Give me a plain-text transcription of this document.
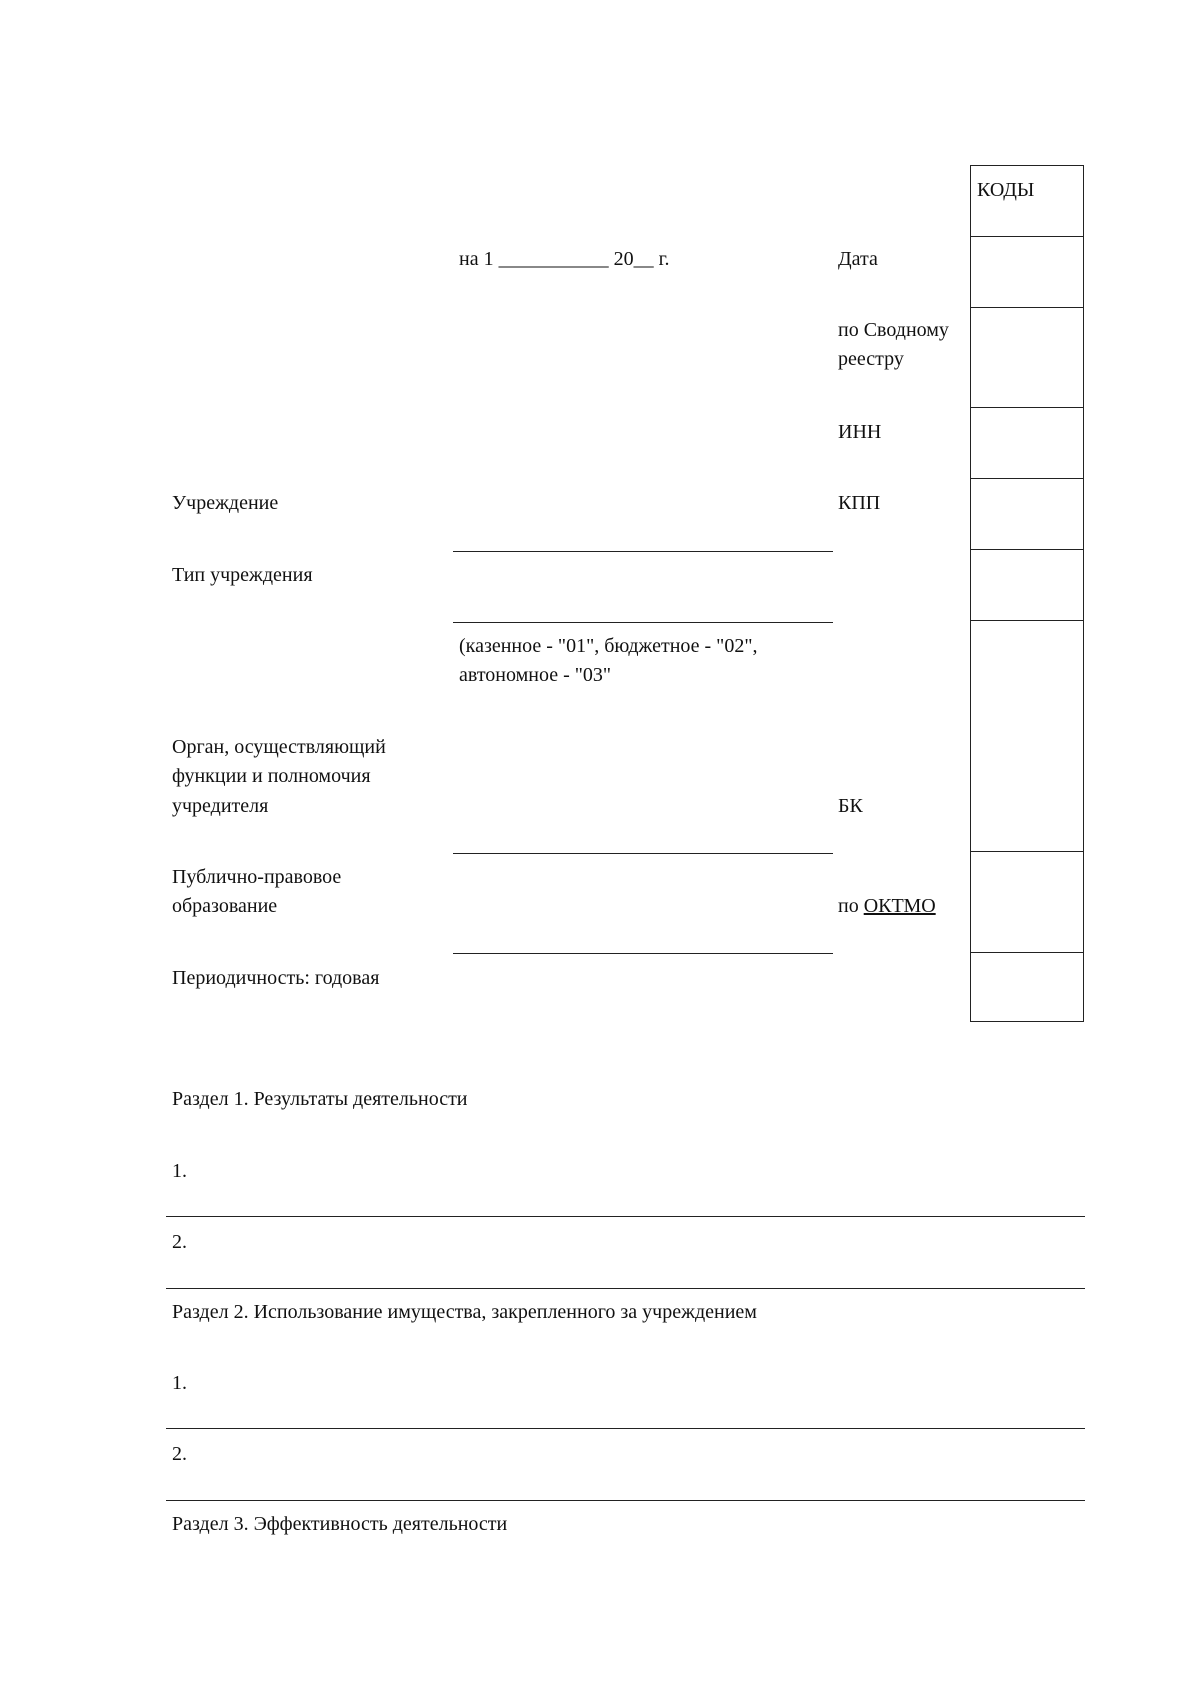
КОДЫ
на 1 ___________ 20__ г.	Дата
по Сводному
реестру
ИНН
КПП
БК
по ОКТМО
Учреждение
Тип учреждения
(казенное - "01", бюджетное - "02",
автономное - "03"
Орган, осуществляющий
функции и полномочия
учредителя
Публично-правовое
образование
Периодичность: годовая
Раздел 1. Результаты деятельности
1.
2.
Раздел 2. Использование имущества, закрепленного за учреждением
1.
2.
Раздел 3. Эффективность деятельности
